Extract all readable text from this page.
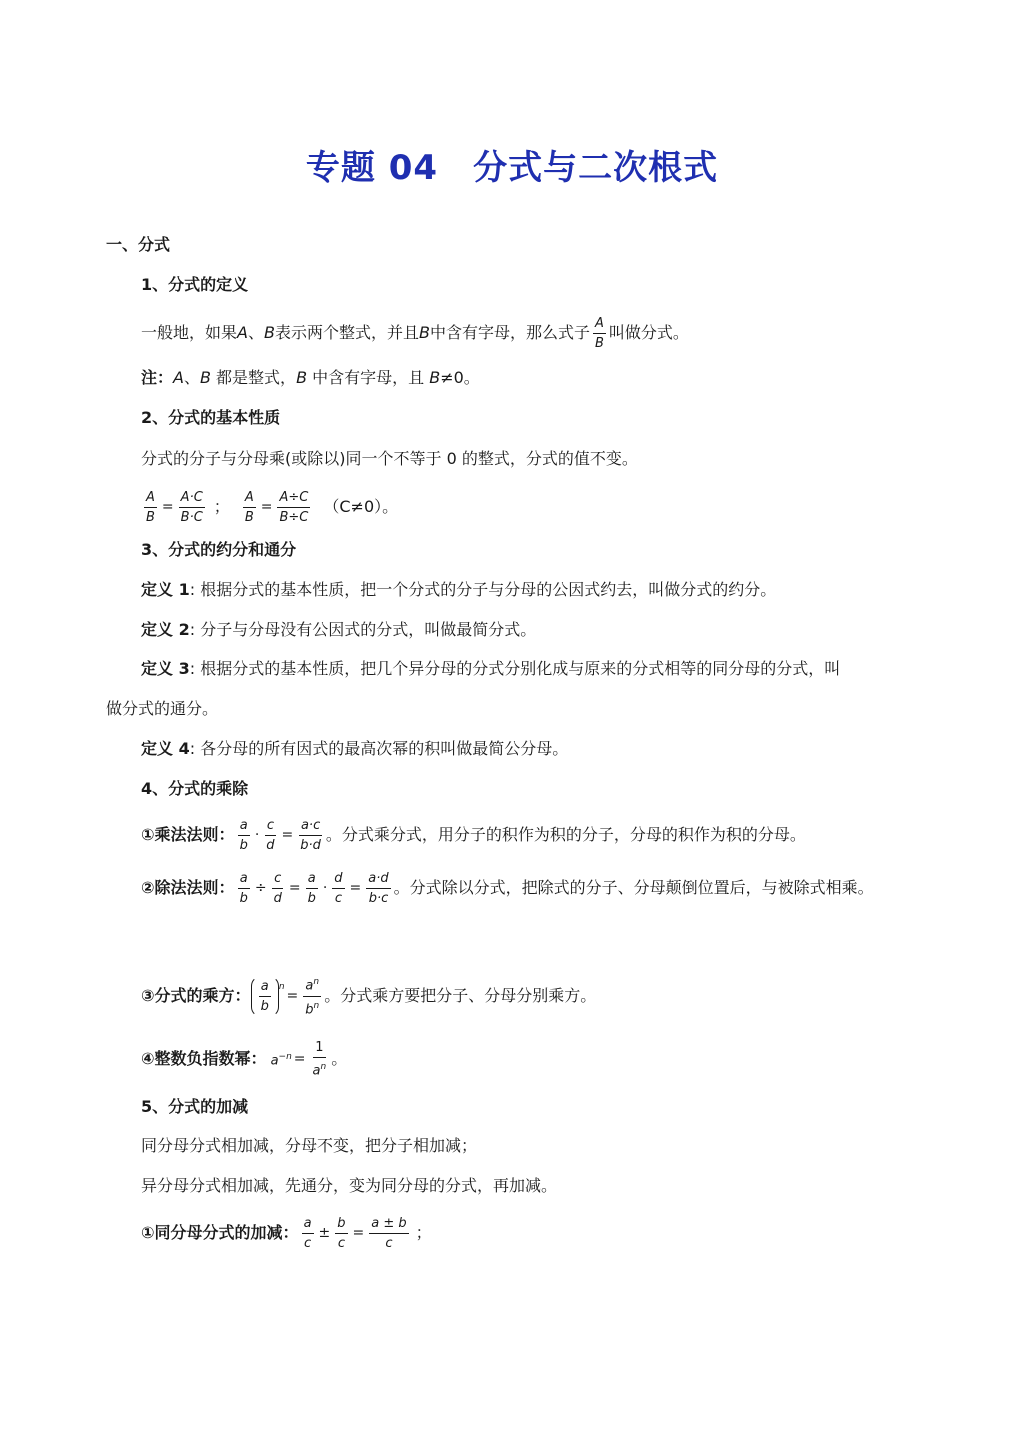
专题 04　分式与二次根式
一、分式
1、分式的定义
一般地，如果 A 、 B 表示两个整式，并且 B 中含有字母，那么式子 A
B
叫做分式。
注：A、B 都是整式，B 中含有字母，且 B≠0。
2、分式的基本性质
分式的分子与分母乘(或除以)同一个不等于 0 的整式，分式的值不变。
$\frac{A}{B} = \frac{A\cdot C}{B\cdot C}$ ； $\frac{A}{B} = \frac{A\div C}{B\div C} (C\ne 0)$。
3、分式的约分和通分
定义 1: 根据分式的基本性质，把一个分式的分子与分母的公因式约去，叫做分式的约分。
定义 2: 分子与分母没有公因式的分式，叫做最简分式。
定义 3: 根据分式的基本性质，把几个异分母的分式分别化成与原来的分式相等的同分母的分式，叫
做分式的通分。
定义 4: 各分母的所有因式的最高次幂的积叫做最简公分母。
4、分式的乘除
①乘法法则： a
b
· $\frac{c}{d} = \frac{a\cdot c}{b\cdot d}$ 。分式乘分式，用分子的积作为积的分子，分母的积作为积的分母。
②除法法则： $\frac{a}{b} \div \frac{c}{d} = \frac{a}{b} \cdot \frac{d}{c} = \frac{a\cdot d}{b\cdot c}$ 。分式除以分式，把除式的分子、分母颠倒位置后，与被除式相乘。
③分式的乘方： a
b
$^n$
= $\frac{a^n}{b^n}$ 。分式乘方要把分子、分母分别乘方。
④整数负指数幂： $a^{-n} = \frac{1}{a^n}$ 。
5、分式的加减
同分母分式相加减，分母不变，把分子相加减；
异分母分式相加减，先通分，变为同分母的分式，再加减。
①同分母分式的加减： a
c
± $\frac{b}{c} = \frac{a \pm b}{c}$ ；
